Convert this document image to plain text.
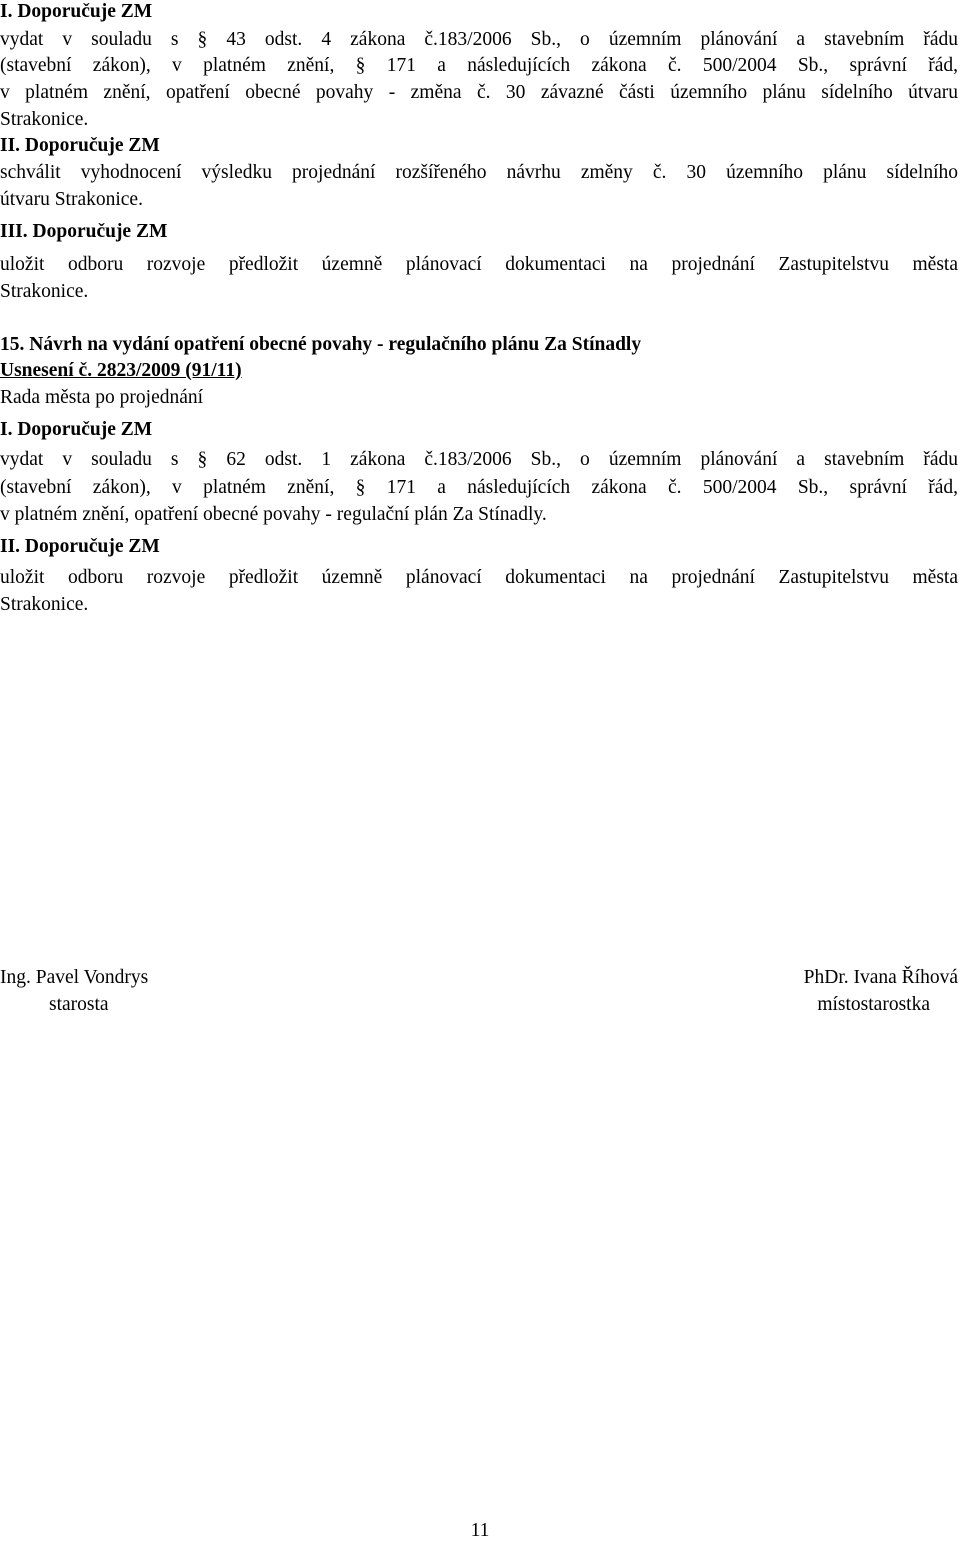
I. Doporučuje ZM
vydat v souladu s § 43 odst. 4 zákona č.183/2006 Sb., o územním plánování a stavebním řádu
(stavební zákon), v platném znění, § 171 a následujících zákona č. 500/2004 Sb., správní řád,
v platném znění, opatření obecné povahy - změna č. 30 závazné části územního plánu sídelního útvaru
Strakonice.
II. Doporučuje ZM
schválit vyhodnocení výsledku projednání rozšířeného návrhu změny č. 30 územního plánu sídelního
útvaru Strakonice.
III. Doporučuje ZM
uložit odboru rozvoje předložit územně plánovací dokumentaci na projednání Zastupitelstvu města
Strakonice.
15. Návrh na vydání opatření obecné povahy - regulačního plánu Za Stínadly
Usnesení č. 2823/2009 (91/11)
Rada města po projednání
I. Doporučuje ZM
vydat v souladu s § 62 odst. 1 zákona č.183/2006 Sb., o územním plánování a stavebním řádu
(stavební zákon), v platném znění, § 171 a následujících zákona č. 500/2004 Sb., správní řád,
v platném znění, opatření obecné povahy - regulační plán Za Stínadly.
II. Doporučuje ZM
uložit odboru rozvoje předložit územně plánovací dokumentaci na projednání Zastupitelstvu města
Strakonice.
Ing. Pavel Vondrys
starosta
PhDr. Ivana Říhová
místostarostka
11
